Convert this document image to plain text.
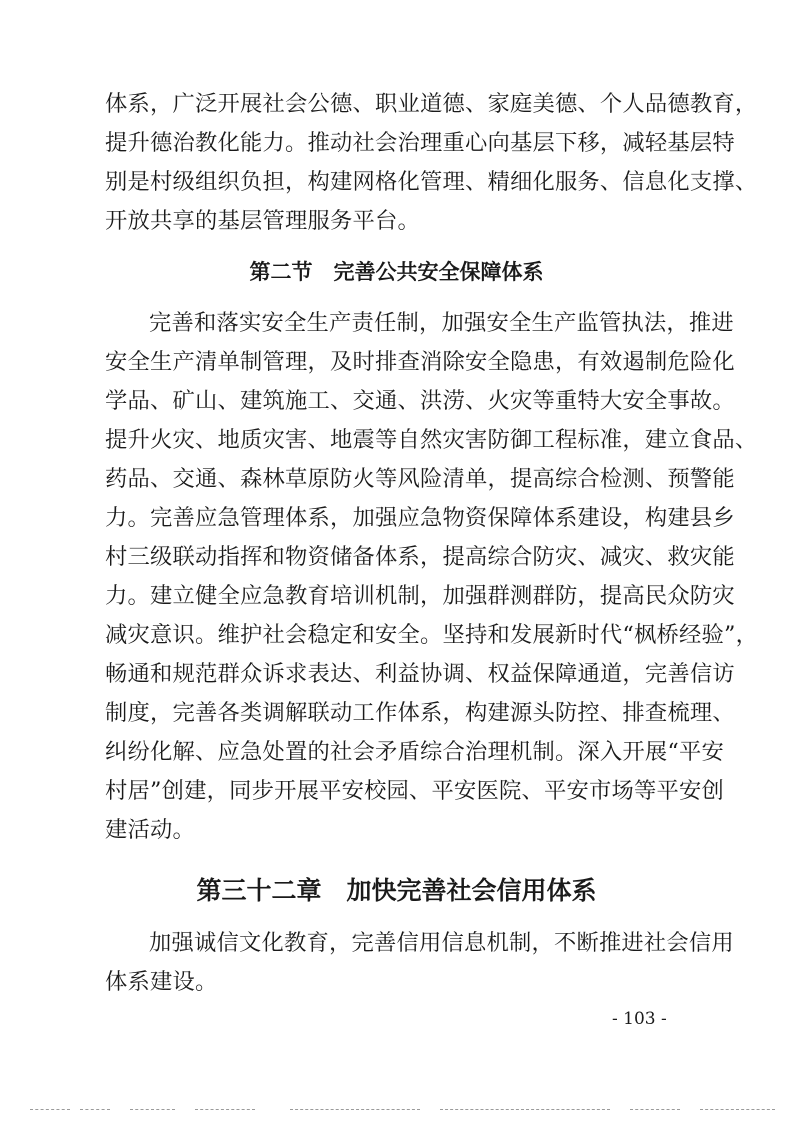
体系，广泛开展社会公德、职业道德、家庭美德、个人品德教育，
提升德治教化能力。推动社会治理重心向基层下移，减轻基层特
别是村级组织负担，构建网格化管理、精细化服务、信息化支撑、
开放共享的基层管理服务平台。
第二节　完善公共安全保障体系
完善和落实安全生产责任制，加强安全生产监管执法，推进
安全生产清单制管理，及时排查消除安全隐患，有效遏制危险化
学品、矿山、建筑施工、交通、洪涝、火灾等重特大安全事故。
提升火灾、地质灾害、地震等自然灾害防御工程标准，建立食品、
药品、交通、森林草原防火等风险清单，提高综合检测、预警能
力。完善应急管理体系，加强应急物资保障体系建设，构建县乡
村三级联动指挥和物资储备体系，提高综合防灾、减灾、救灾能
力。建立健全应急教育培训机制，加强群测群防，提高民众防灾
减灾意识。维护社会稳定和安全。坚持和发展新时代“枫桥经验”，
畅通和规范群众诉求表达、利益协调、权益保障通道，完善信访
制度，完善各类调解联动工作体系，构建源头防控、排查梳理、
纠纷化解、应急处置的社会矛盾综合治理机制。深入开展“平安
村居”创建，同步开展平安校园、平安医院、平安市场等平安创
建活动。
第三十二章　加快完善社会信用体系
加强诚信文化教育，完善信用信息机制，不断推进社会信用
体系建设。
- 103 -
